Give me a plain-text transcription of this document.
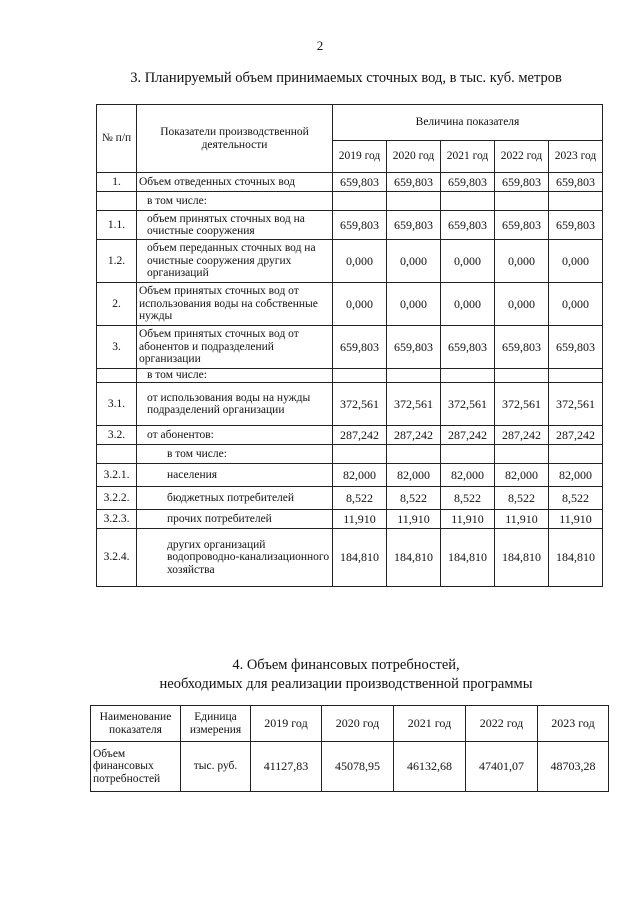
2
3. Планируемый объем принимаемых сточных вод, в тыс. куб. метров
№ п/п	Показатели производственной деятельности	Величина показателя				
		2019 год	2020 год	2021 год	2022 год	2023 год
1.	Объем отведенных сточных вод	659,803	659,803	659,803	659,803	659,803
	в том числе:					
1.1.	объем принятых сточных вод на очистные сооружения	659,803	659,803	659,803	659,803	659,803
1.2.	объем переданных сточных вод на очистные сооружения других организаций	0,000	0,000	0,000	0,000	0,000
2.	Объем принятых сточных вод от использования воды на собственные нужды	0,000	0,000	0,000	0,000	0,000
3.	Объем принятых сточных вод от абонентов и подразделений организации	659,803	659,803	659,803	659,803	659,803
	в том числе:					
3.1.	от использования воды на нужды подразделений организации	372,561	372,561	372,561	372,561	372,561
3.2.	от абонентов:	287,242	287,242	287,242	287,242	287,242
	в том числе:					
3.2.1.	населения	82,000	82,000	82,000	82,000	82,000
3.2.2.	бюджетных потребителей	8,522	8,522	8,522	8,522	8,522
3.2.3.	прочих потребителей	11,910	11,910	11,910	11,910	11,910
3.2.4.	других организаций водопроводно-канализационного хозяйства	184,810	184,810	184,810	184,810	184,810
4. Объем финансовых потребностей,
необходимых для реализации производственной программы
Наименование показателя	Единица измерения	2019 год	2020 год	2021 год	2022 год	2023 год
Объем финансовых потребностей	тыс. руб.	41127,83	45078,95	46132,68	47401,07	48703,28
